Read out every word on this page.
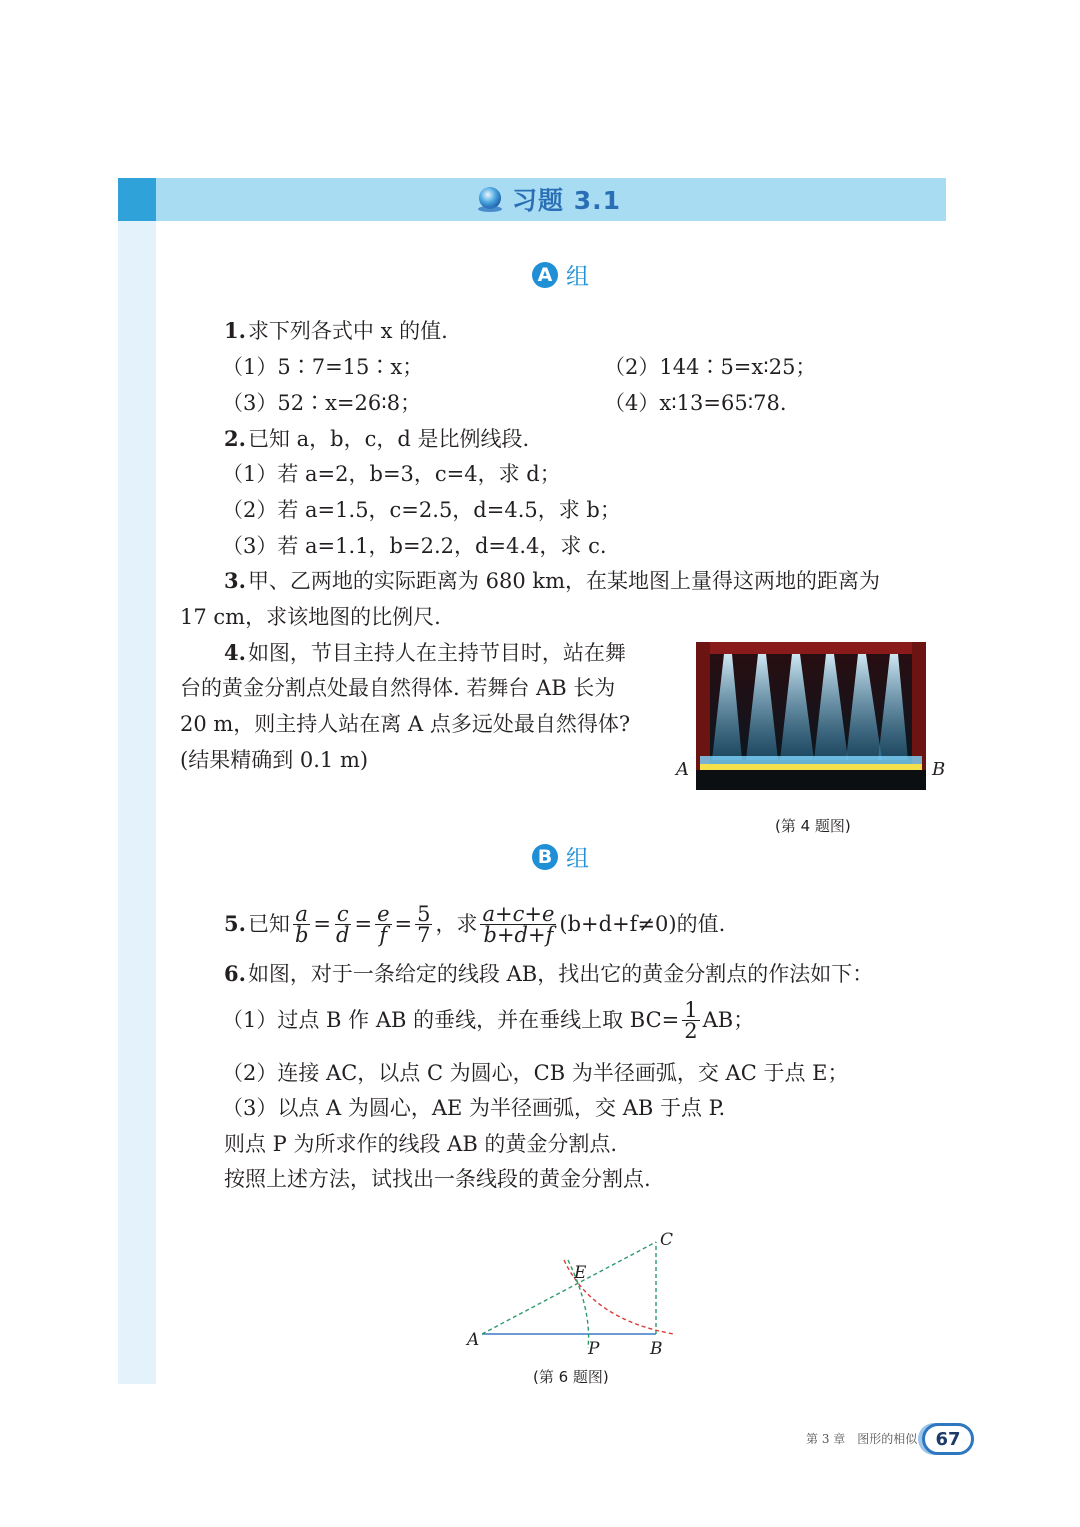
习题 3.1
A 组
1.求下列各式中 x 的值.
（1）5∶7=15∶x；	（2）144∶5=x∶25；
（3）52∶x=26∶8；	（4）x∶13=65∶78.
2.已知 a，b，c，d 是比例线段.
（1）若 a=2，b=3，c=4，求 d；
（2）若 a=1.5，c=2.5，d=4.5，求 b；
（3）若 a=1.1，b=2.2，d=4.4，求 c.
3.甲、乙两地的实际距离为 680 km，在某地图上量得这两地的距离为
17 cm，求该地图的比例尺.
4.如图，节目主持人在主持节目时，站在舞
台的黄金分割点处最自然得体. 若舞台 AB 长为
20 m，则主持人站在离 A 点多远处最自然得体?
(结果精确到 0.1 m)	A	B
(第 4 题图)
B 组
5. 已知 $\frac{a}{b} = \frac{c}{d} = \frac{e}{f} = \frac{5}{7}$ ，求 $\frac{a+c+e}{b+d+f} (b+d+f\ne 0)$的值.
6.如图，对于一条给定的线段 AB，找出它的黄金分割点的作法如下：
（1）过点 B 作 AB 的垂线，并在垂线上取 $BC= \frac{1}{2}$ AB；
（2）连接 AC，以点 C 为圆心，CB 为半径画弧，交 AC 于点 E；
（3）以点 A 为圆心，AE 为半径画弧，交 AB 于点 P.
则点 P 为所求作的线段 AB 的黄金分割点.
按照上述方法，试找出一条线段的黄金分割点.
A	B
C
E
P
(第 6 题图)
第 3 章　图形的相似	67
